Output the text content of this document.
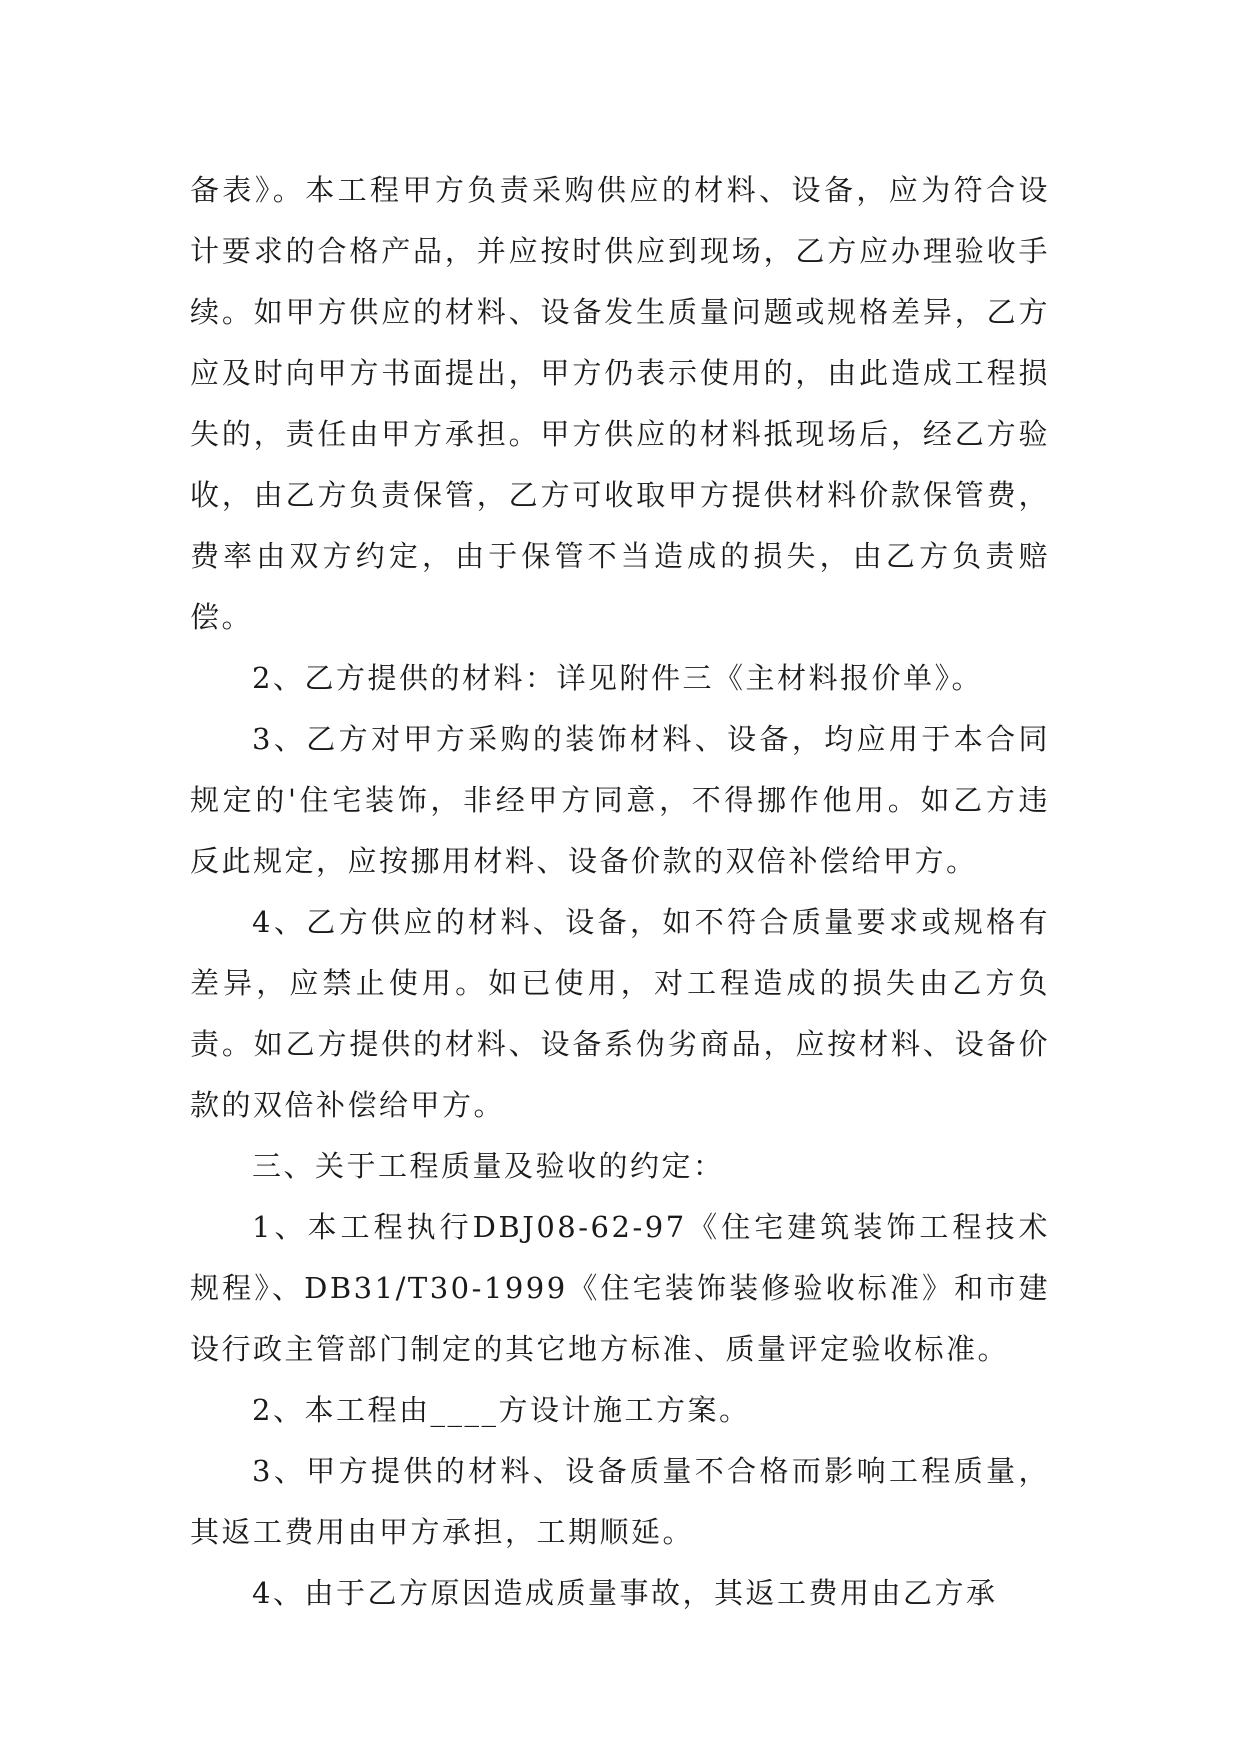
备表》。本工程甲方负责采购供应的材料、设备，应为符合设计要求的合格产品，并应按时供应到现场，乙方应办理验收手续。如甲方供应的材料、设备发生质量问题或规格差异，乙方应及时向甲方书面提出，甲方仍表示使用的，由此造成工程损失的，责任由甲方承担。甲方供应的材料抵现场后，经乙方验收，由乙方负责保管，乙方可收取甲方提供材料价款保管费，费率由双方约定，由于保管不当造成的损失，由乙方负责赔偿。

2、乙方提供的材料：详见附件三《主材料报价单》。

3、乙方对甲方采购的装饰材料、设备，均应用于本合同规定的'住宅装饰，非经甲方同意，不得挪作他用。如乙方违反此规定，应按挪用材料、设备价款的双倍补偿给甲方。

4、乙方供应的材料、设备，如不符合质量要求或规格有差异，应禁止使用。如已使用，对工程造成的损失由乙方负责。如乙方提供的材料、设备系伪劣商品，应按材料、设备价款的双倍补偿给甲方。

三、关于工程质量及验收的约定：

1、本工程执行DBJ08-62-97《住宅建筑装饰工程技术规程》、DB31/T30-1999《住宅装饰装修验收标准》和市建设行政主管部门制定的其它地方标准、质量评定验收标准。

2、本工程由____方设计施工方案。

3、甲方提供的材料、设备质量不合格而影响工程质量，其返工费用由甲方承担，工期顺延。

4、由于乙方原因造成质量事故，其返工费用由乙方承
